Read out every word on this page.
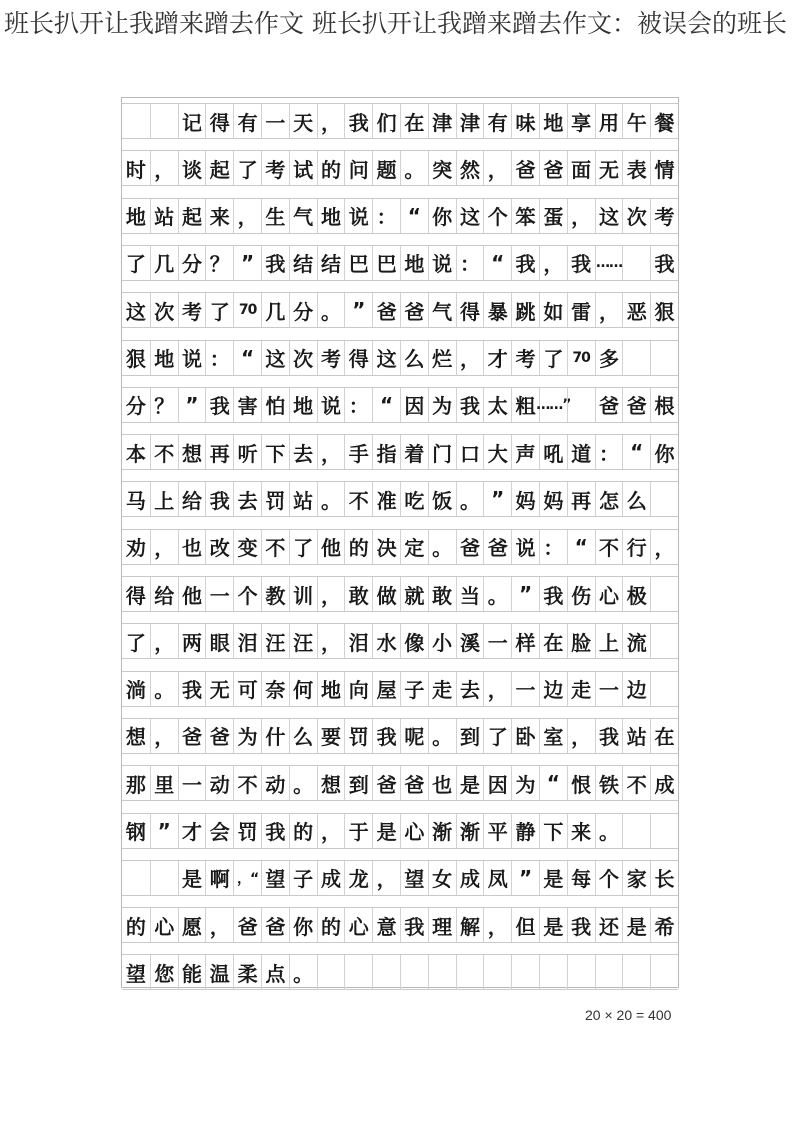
班长扒开让我蹭来蹭去作文 班长扒开让我蹭来蹭去作文：被误会的班长
记 得 有 一 天 ， 我 们 在 津 津 有 味 地 享 用 午 餐
时 ， 谈 起 了 考 试 的 问 题 。 突 然 ， 爸 爸 面 无 表 情
地 站 起 来 ， 生 气 地 说 ： “ 你 这 个 笨 蛋 ， 这 次 考
了 几 分 ？ ” 我 结 结 巴 巴 地 说 ： “ 我 ， 我 …… 我
这 次 考 了 70 几 分 。 ” 爸 爸 气 得 暴 跳 如 雷 ， 恶 狠
狠 地 说 ： “ 这 次 考 得 这 么 烂 ， 才 考 了 70 多
分 ？ ” 我 害 怕 地 说 ： “ 因 为 我 太 粗 ……” 爸 爸 根
本 不 想 再 听 下 去 ， 手 指 着 门 口 大 声 吼 道 ： “ 你
马 上 给 我 去 罚 站 。 不 准 吃 饭 。 ” 妈 妈 再 怎 么
劝 ， 也 改 变 不 了 他 的 决 定 。 爸 爸 说 ： “ 不 行 ，
得 给 他 一 个 教 训 ， 敢 做 就 敢 当 。 ” 我 伤 心 极
了 ， 两 眼 泪 汪 汪 ， 泪 水 像 小 溪 一 样 在 脸 上 流
淌 。 我 无 可 奈 何 地 向 屋 子 走 去 ， 一 边 走 一 边
想 ， 爸 爸 为 什 么 要 罚 我 呢 。 到 了 卧 室 ， 我 站 在
那 里 一 动 不 动 。 想 到 爸 爸 也 是 因 为 “ 恨 铁 不 成
钢 ” 才 会 罚 我 的 ， 于 是 心 渐 渐 平 静 下 来 。
是 啊 ，“ 望 子 成 龙 ， 望 女 成 凤 ” 是 每 个 家 长
的 心 愿 ， 爸 爸 你 的 心 意 我 理 解 ， 但 是 我 还 是 希
望 您 能 温 柔 点 。
20 × 20 = 400
